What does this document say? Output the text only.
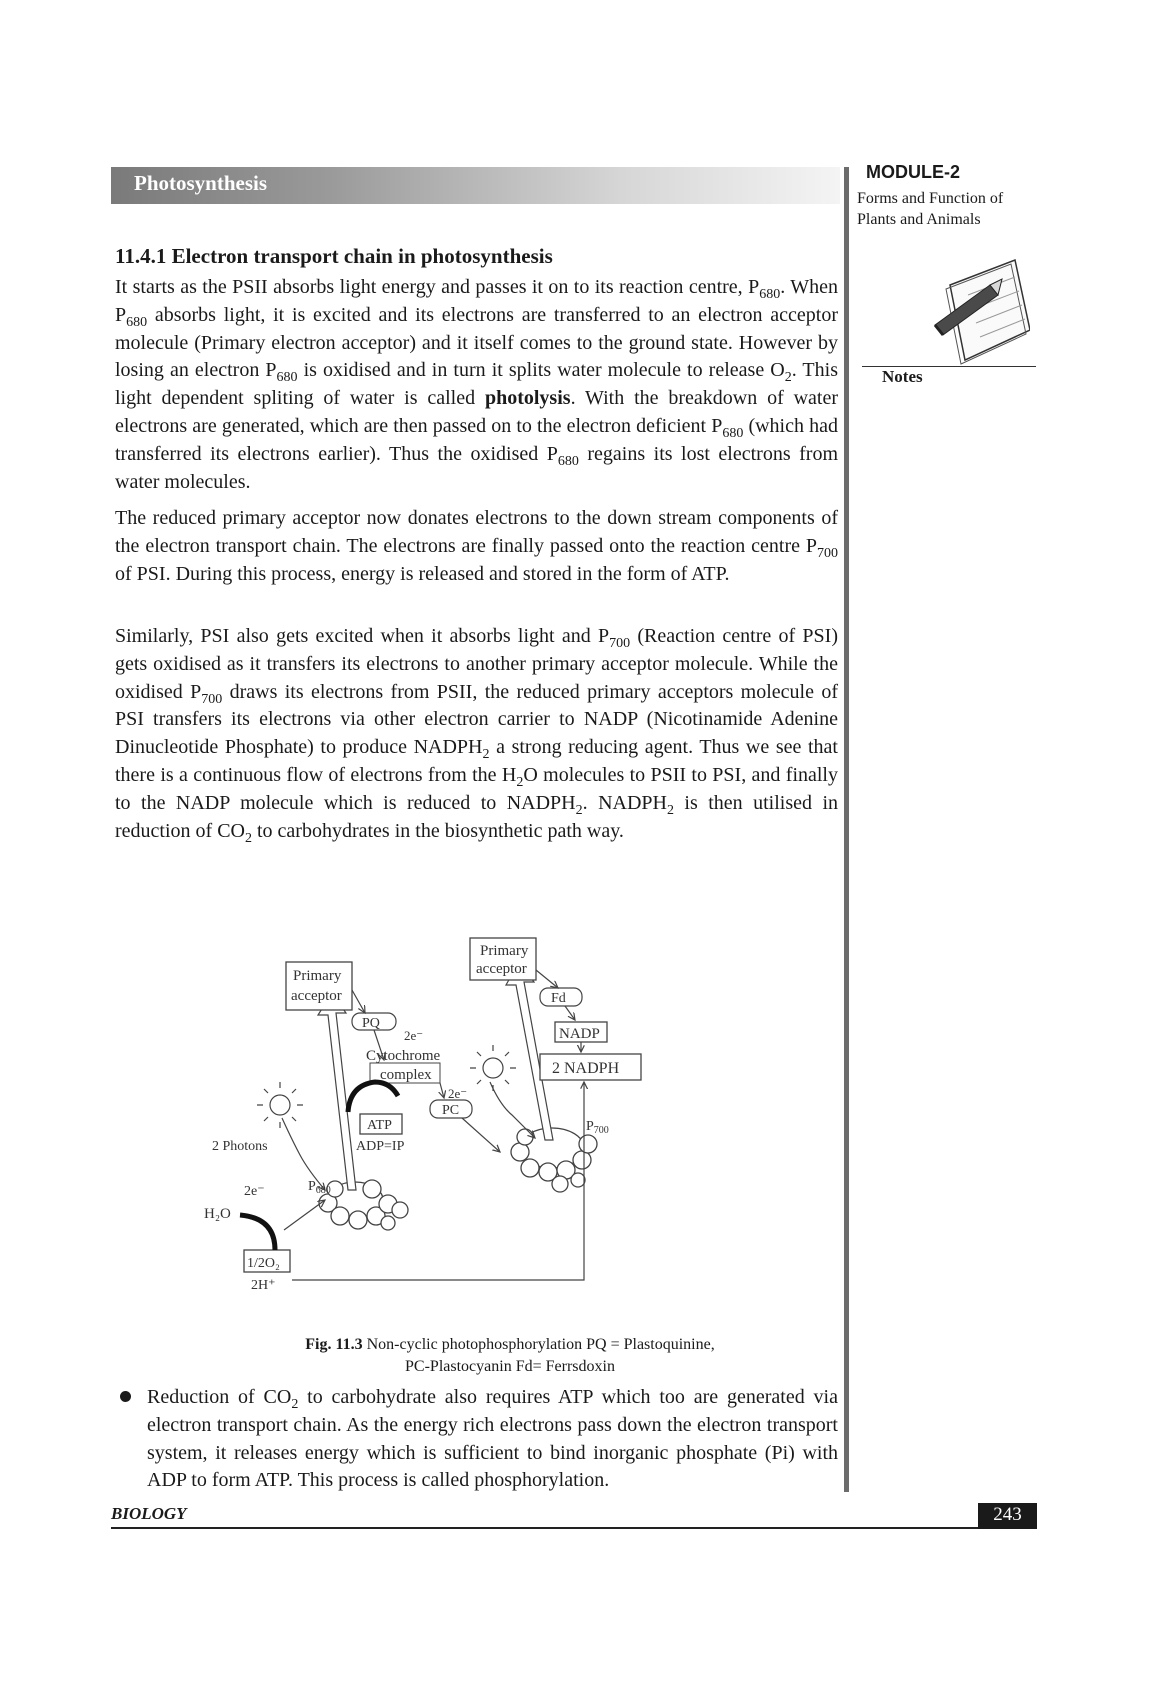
Photosynthesis	MODULE-2
Forms and Function of
Plants and Animals
Notes
11.4.1 Electron transport chain in photosynthesis
It starts as the PSII absorbs light energy and passes it on to its reaction centre, $P_{680}$. When $P_{680}$ absorbs light, it is excited and its electrons are transferred to an electron acceptor molecule (Primary electron acceptor) and it itself comes to the ground state. However by losing an electron $P_{680}$ is oxidised and in turn it splits water molecule to release $O_2$. This light dependent spliting of water is called photolysis. With the breakdown of water electrons are generated, which are then passed on to the electron deficient $P_{680}$ (which had transferred its electrons earlier). Thus the oxidised $P_{680}$ regains its lost electrons from water molecules.
The reduced primary acceptor now donates electrons to the down stream components of the electron transport chain. The electrons are finally passed onto the reaction centre $P_{700}$ of PSI. During this process, energy is released and stored in the form of ATP.
Similarly, PSI also gets excited when it absorbs light and $P_{700}$ (Reaction centre of PSI) gets oxidised as it transfers its electrons to another primary acceptor molecule. While the oxidised $P_{700}$ draws its electrons from PSII, the reduced primary acceptors molecule of PSI transfers its electrons via other electron carrier to NADP (Nicotinamide Adenine Dinucleotide Phosphate) to produce $NADPH_2$ a strong reducing agent. Thus we see that there is a continuous flow of electrons from the $H_2O$ molecules to PSII to PSI, and finally to the NADP molecule which is reduced to $NADPH_2$. $NADPH_2$ is then utilised in reduction of $CO_2$ to carbohydrates in the biosynthetic path way.
Primary
acceptor
Primary
acceptor
PQ
2e⁻
Cytochrome
complex
2e⁻
PC
ATP
ADP=IP
2 Photons
2e⁻	$P_{680}$
H₂O
1/2O₂
2H⁺
Fd
NADP
2 NADPH
$P_{700}$
Fig. 11.3 Non-cyclic photophosphorylation PQ = Plastoquinine,
PC-Plastocyanin Fd= Ferrsdoxin
Reduction of $CO_2$ to carbohydrate also requires ATP which too are generated via electron transport chain. As the energy rich electrons pass down the electron transport system, it releases energy which is sufficient to bind inorganic phosphate (Pi) with ADP to form ATP. This process is called phosphorylation.
BIOLOGY	243
